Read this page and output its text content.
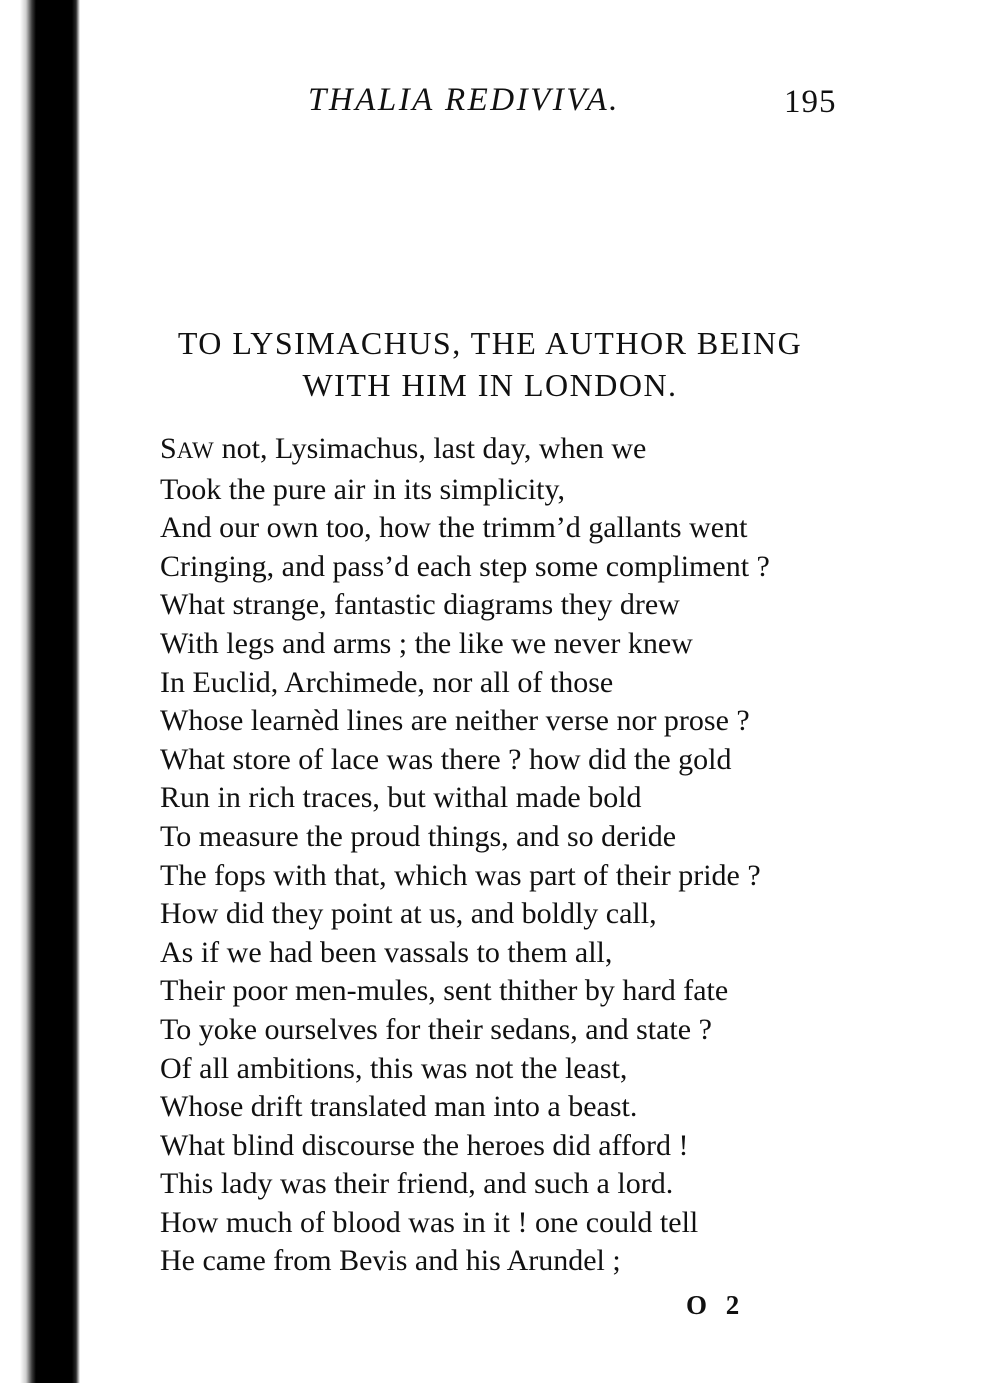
THALIA REDIVIVA.	195
TO LYSIMACHUS, THE AUTHOR BEING
WITH HIM IN LONDON.
SAW not, Lysimachus, last day, when we
Took the pure air in its simplicity,
And our own too, how the trimm’d gallants went
Cringing, and pass’d each step some compliment ?
What strange, fantastic diagrams they drew
With legs and arms ; the like we never knew
In Euclid, Archimede, nor all of those
Whose learnèd lines are neither verse nor prose ?
What store of lace was there ? how did the gold
Run in rich traces, but withal made bold
To measure the proud things, and so deride
The fops with that, which was part of their pride ?
How did they point at us, and boldly call,
As if we had been vassals to them all,
Their poor men-mules, sent thither by hard fate
To yoke ourselves for their sedans, and state ?
Of all ambitions, this was not the least,
Whose drift translated man into a beast.
What blind discourse the heroes did afford !
This lady was their friend, and such a lord.
How much of blood was in it ! one could tell
He came from Bevis and his Arundel ;
O 2
